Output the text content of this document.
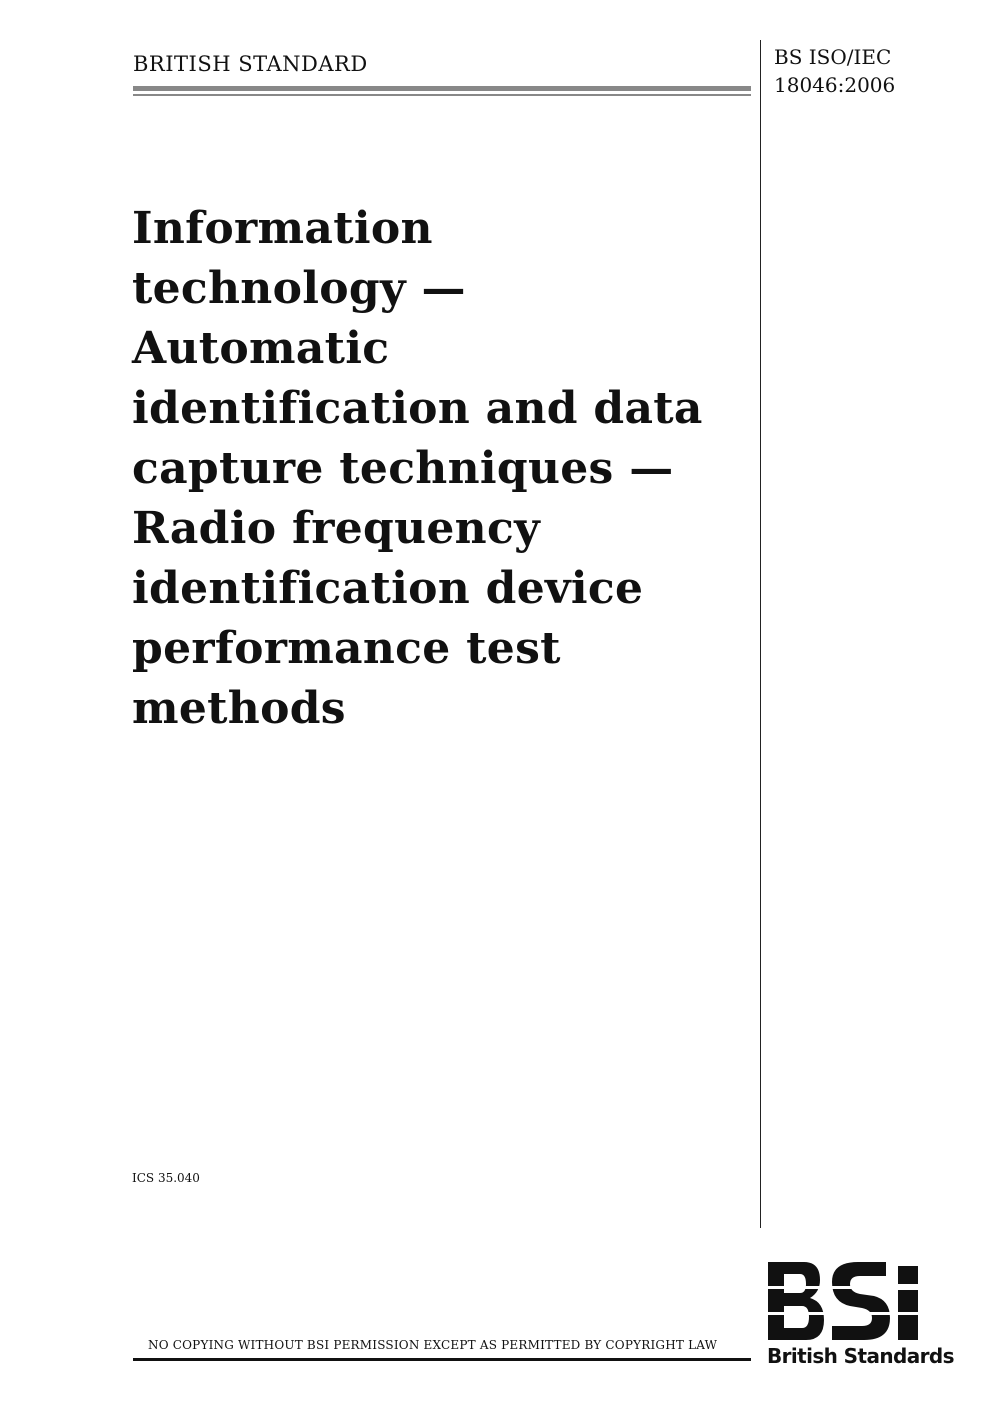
BRITISH STANDARD	BS ISO/IEC
18046:2006
Information
technology —
Automatic
identification and data
capture techniques —
Radio frequency
identification device
performance test
methods
ICS 35.040
NO COPYING WITHOUT BSI PERMISSION EXCEPT AS PERMITTED BY COPYRIGHT LAW British Standards
